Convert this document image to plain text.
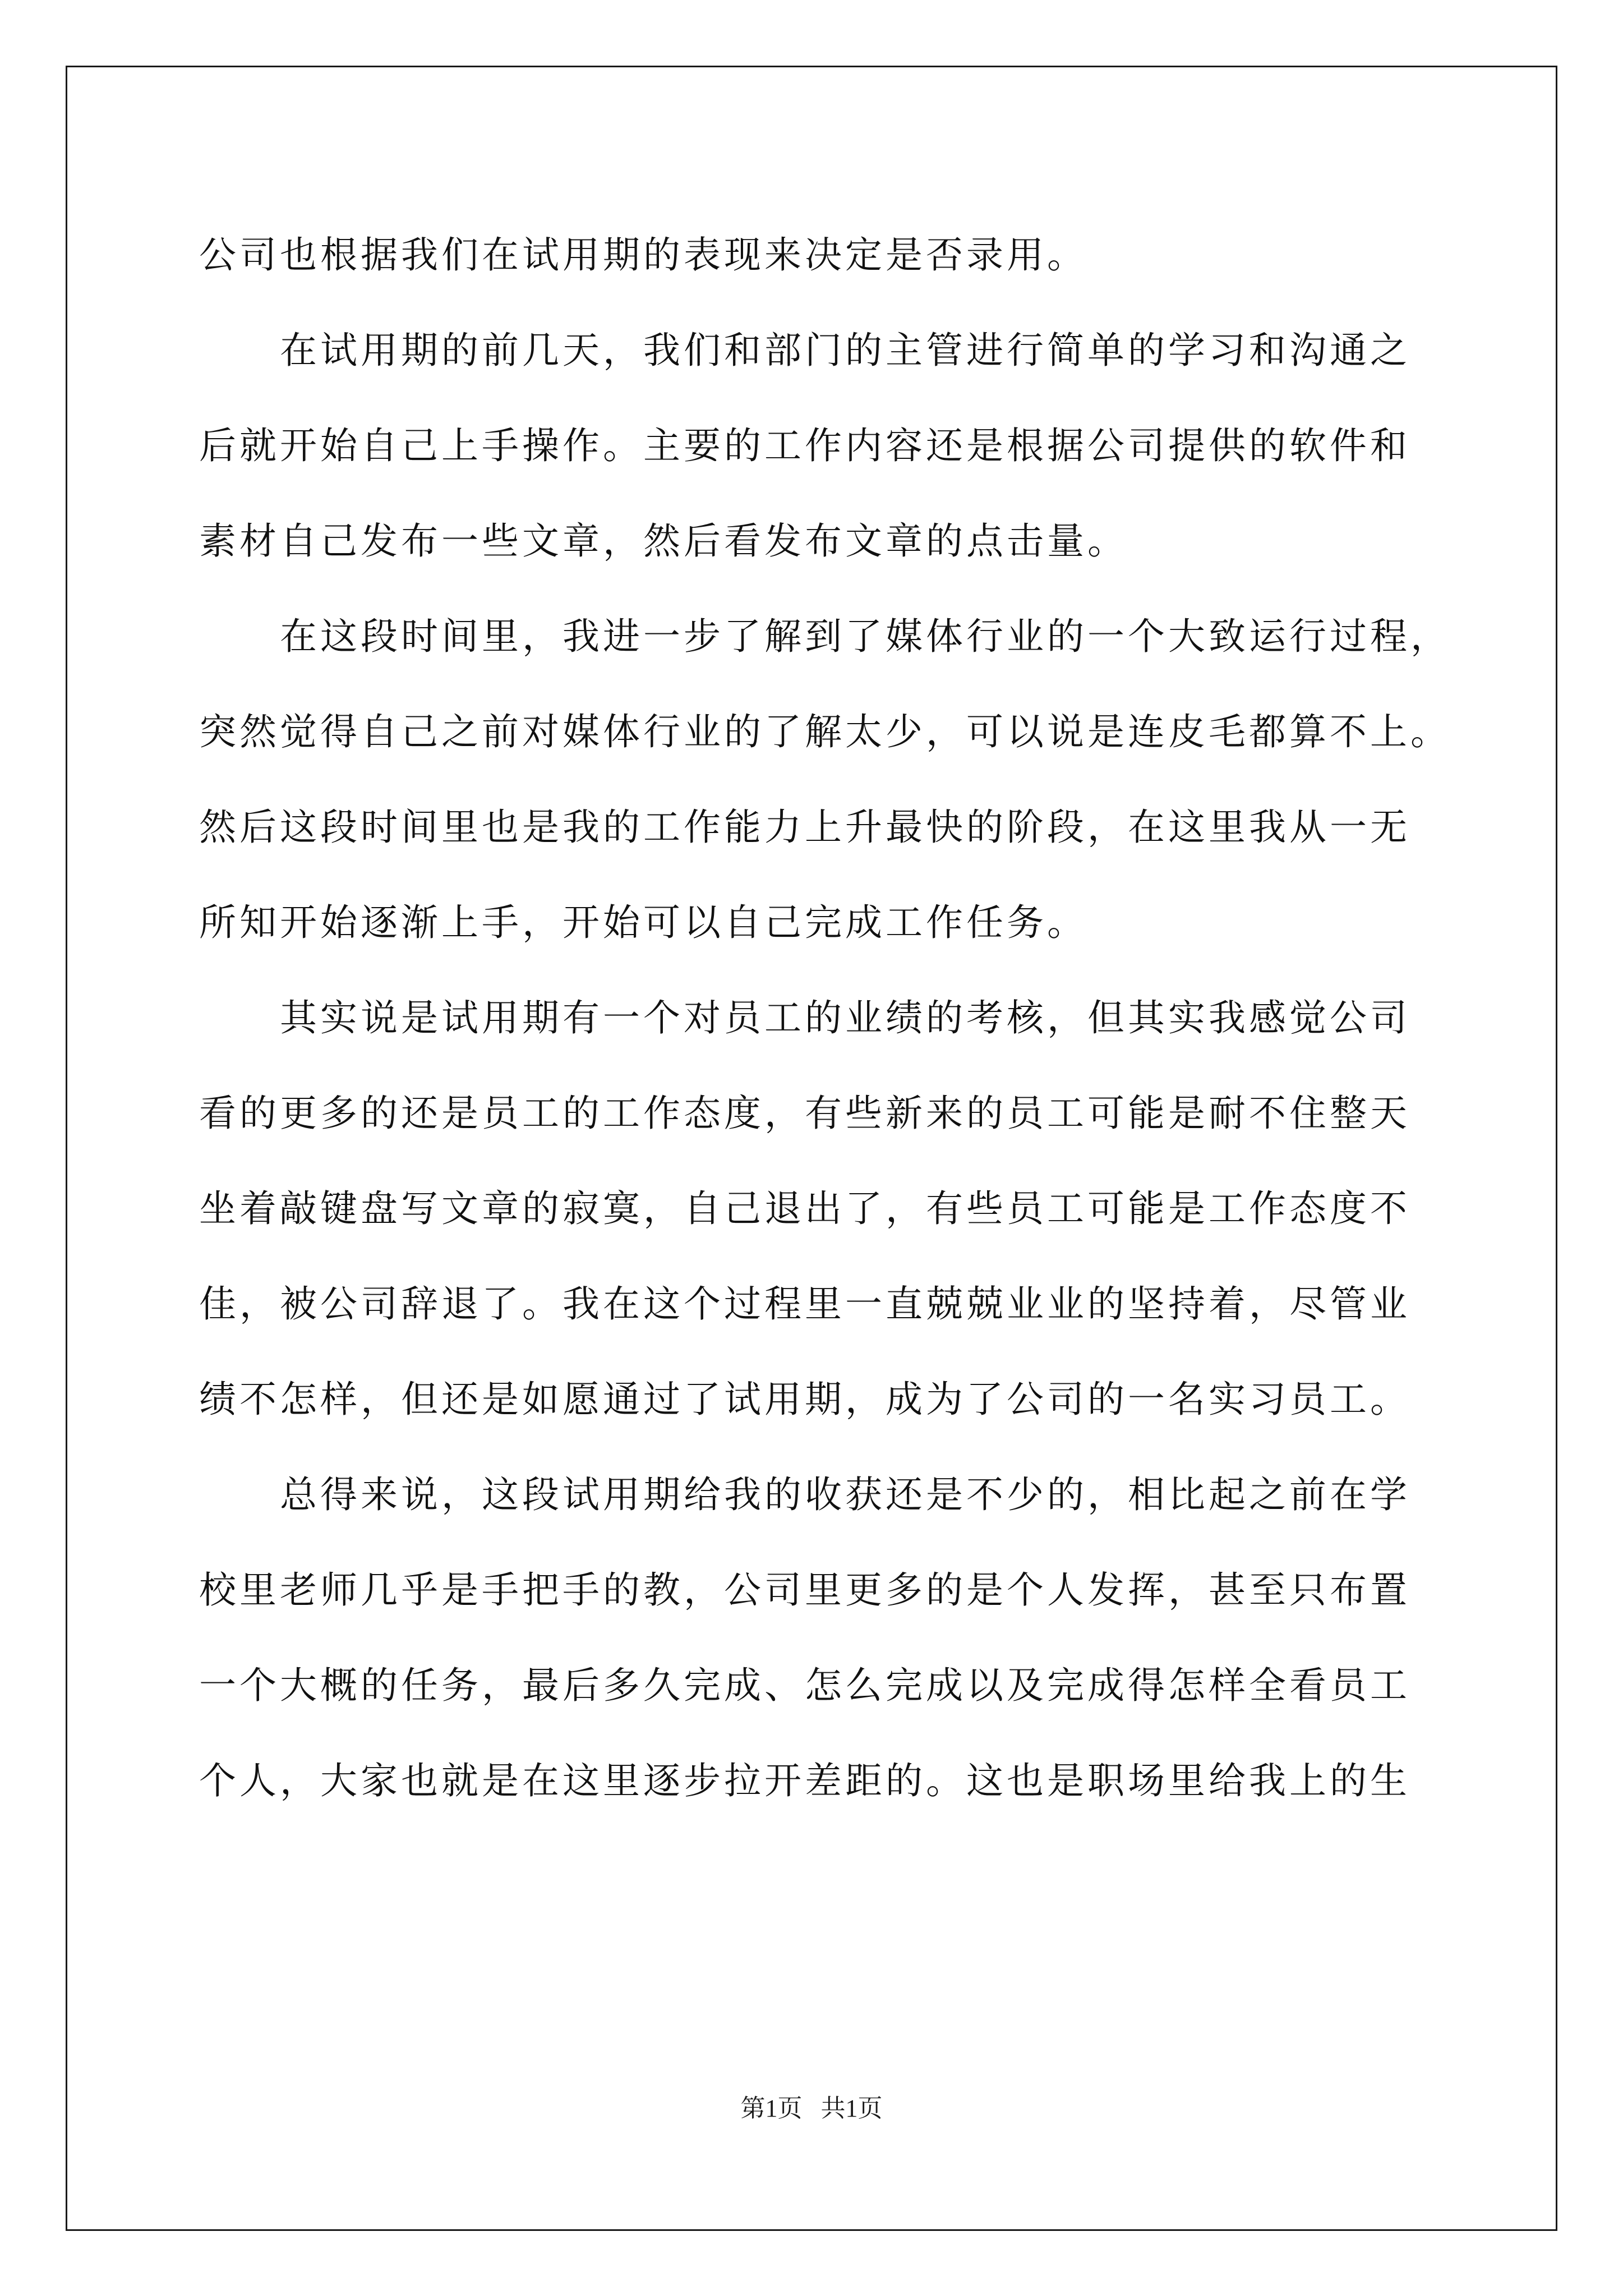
公司也根据我们在试用期的表现来决定是否录用。
在试用期的前几天，我们和部门的主管进行简单的学习和沟通之
后就开始自己上手操作。主要的工作内容还是根据公司提供的软件和
素材自己发布一些文章，然后看发布文章的点击量。
在这段时间里，我进一步了解到了媒体行业的一个大致运行过程，
突然觉得自己之前对媒体行业的了解太少，可以说是连皮毛都算不上。
然后这段时间里也是我的工作能力上升最快的阶段，在这里我从一无
所知开始逐渐上手，开始可以自己完成工作任务。
其实说是试用期有一个对员工的业绩的考核，但其实我感觉公司
看的更多的还是员工的工作态度，有些新来的员工可能是耐不住整天
坐着敲键盘写文章的寂寞，自己退出了，有些员工可能是工作态度不
佳，被公司辞退了。我在这个过程里一直兢兢业业的坚持着，尽管业
绩不怎样，但还是如愿通过了试用期，成为了公司的一名实习员工。
总得来说，这段试用期给我的收获还是不少的，相比起之前在学
校里老师几乎是手把手的教，公司里更多的是个人发挥，甚至只布置
一个大概的任务，最后多久完成、怎么完成以及完成得怎样全看员工
个人，大家也就是在这里逐步拉开差距的。这也是职场里给我上的生
第1页   共1页
